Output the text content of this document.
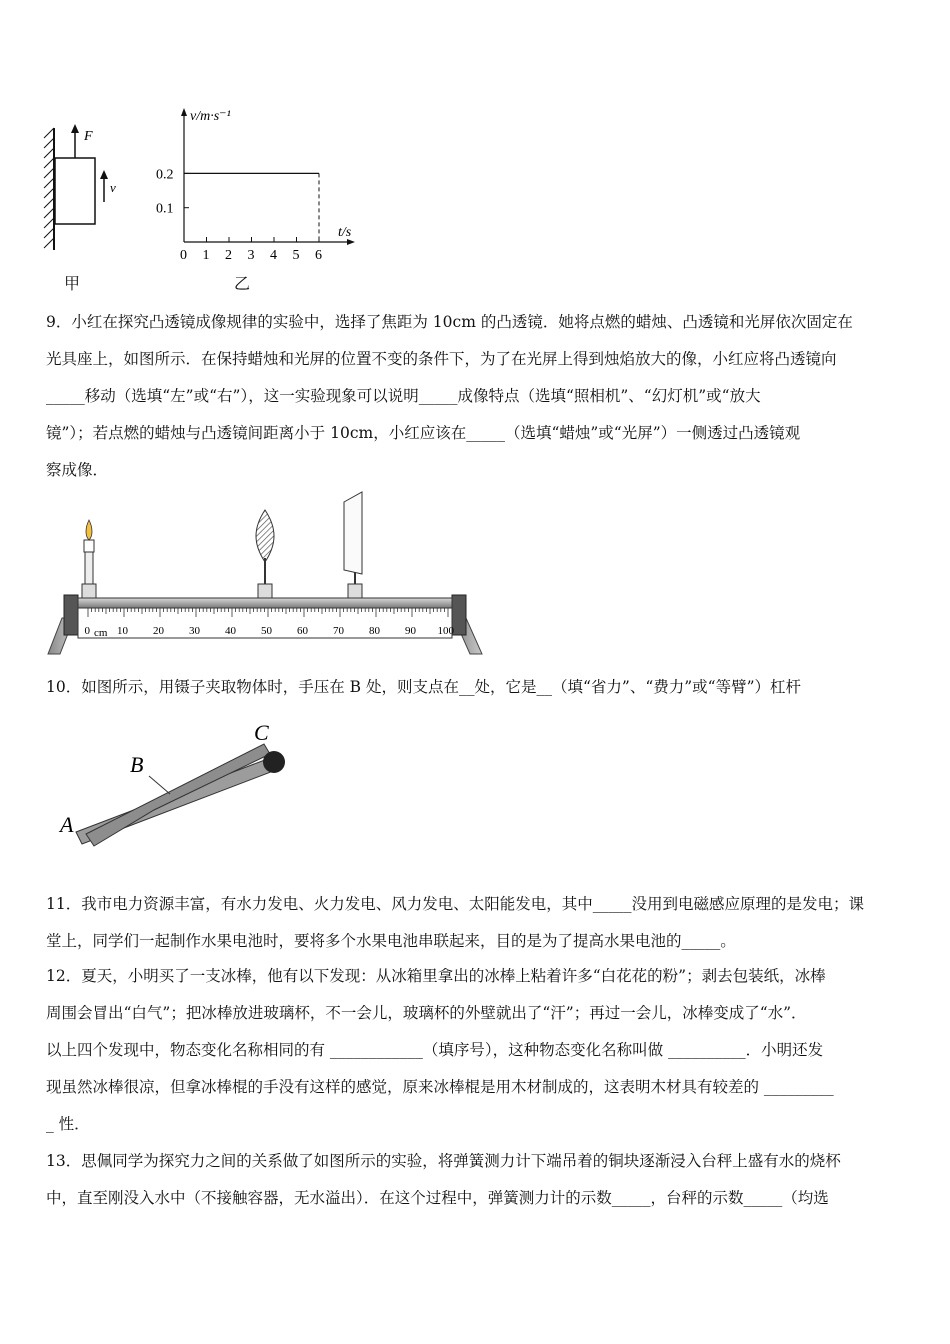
F
v
甲
0 1 2 3 4 5 6
0.1
0.2
v/m·s⁻¹
t/s
乙
9．小红在探究凸透镜成像规律的实验中，选择了焦距为 10cm 的凸透镜．她将点燃的蜡烛、凸透镜和光屏依次固定在
光具座上，如图所示．在保持蜡烛和光屏的位置不变的条件下，为了在光屏上得到烛焰放大的像，小红应将凸透镜向
_____移动（选填“左”或“右”），这一实验现象可以说明_____成像特点（选填“照相机”、“幻灯机”或“放大
镜”）；若点燃的蜡烛与凸透镜间距离小于 10cm，小红应该在_____（选填“蜡烛”或“光屏”）一侧透过凸透镜观
察成像．
0 10 20 30 40 50 60 70 80 90 100
cm
10．如图所示，用镊子夹取物体时，手压在 B 处，则支点在__处，它是__（填“省力”、“费力”或“等臂”）杠杆
A
B
C
11．我市电力资源丰富，有水力发电、火力发电、风力发电、太阳能发电，其中_____没用到电磁感应原理的是发电；课
堂上，同学们一起制作水果电池时，要将多个水果电池串联起来，目的是为了提高水果电池的_____。
12．夏天，小明买了一支冰棒，他有以下发现：从冰箱里拿出的冰棒上粘着许多“白花花的粉”；剥去包装纸，冰棒
周围会冒出“白气”；把冰棒放进玻璃杯，不一会儿，玻璃杯的外壁就出了“汗”；再过一会儿，冰棒变成了“水”．
以上四个发现中，物态变化名称相同的有 ____________（填序号），这种物态变化名称叫做 __________．小明还发
现虽然冰棒很凉，但拿冰棒棍的手没有这样的感觉，原来冰棒棍是用木材制成的，这表明木材具有较差的 _________
_ 性．
13．思佩同学为探究力之间的关系做了如图所示的实验，将弹簧测力计下端吊着的铜块逐渐浸入台秤上盛有水的烧杯
中，直至刚没入水中（不接触容器，无水溢出）．在这个过程中，弹簧测力计的示数_____，台秤的示数_____（均选
